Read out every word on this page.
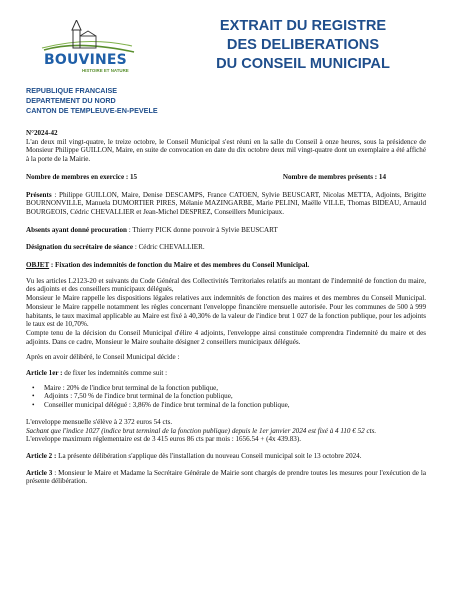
BOUVINES
HISTOIRE ET NATURE
EXTRAIT DU REGISTRE
DES DELIBERATIONS
DU CONSEIL MUNICIPAL
REPUBLIQUE FRANCAISE
DEPARTEMENT DU NORD
CANTON DE TEMPLEUVE-EN-PEVELE

N°2024-42

L'an deux mil vingt-quatre, le treize octobre, le Conseil Municipal s'est réuni en la salle du Conseil à onze heures, sous la présidence de Monsieur Philippe GUILLON, Maire, en suite de convocation en date du dix octobre deux mil vingt-quatre dont un exemplaire a été affiché à la porte de la Mairie.

Nombre de membres en exercice : 15	Nombre de membres présents : 14

Présents : Philippe GUILLON, Maire, Denise DESCAMPS, France CATOEN, Sylvie BEUSCART, Nicolas METTA, Adjoints, Brigitte BOURNONVILLE, Manuela DUMORTIER PIRES, Mélanie MAZINGARBE, Marie PELINI, Maëlle VILLE, Thomas BIDEAU, Arnauld BOURGEOIS, Cédric CHEVALLIER et Jean-Michel DESPREZ, Conseillers Municipaux.

Absents ayant donné procuration : Thierry PICK donne pouvoir à Sylvie BEUSCART

Désignation du secrétaire de séance : Cédric CHEVALLIER.

OBJET : Fixation des indemnités de fonction du Maire et des membres du Conseil Municipal.

Vu les articles L2123-20 et suivants du Code Général des Collectivités Territoriales relatifs au montant de l'indemnité de fonction du maire, des adjoints et des conseillers municipaux délégués,

Monsieur le Maire rappelle les dispositions légales relatives aux indemnités de fonction des maires et des membres du Conseil Municipal. Monsieur le Maire rappelle notamment les règles concernant l'enveloppe financière mensuelle autorisée. Pour les communes de 500 à 999 habitants, le taux maximal applicable au Maire est fixé à 40,30% de la valeur de l'indice brut 1 027 de la fonction publique, pour les adjoints le taux est de 10,70%.

Compte tenu de la décision du Conseil Municipal d'élire 4 adjoints, l'enveloppe ainsi constituée comprendra l'indemnité du maire et des adjoints. Dans ce cadre, Monsieur le Maire souhaite désigner 2 conseillers municipaux délégués.

Après en avoir délibéré, le Conseil Municipal décide :

Article 1er : de fixer les indemnités comme suit :

• Maire : 20% de l'indice brut terminal de la fonction publique,
• Adjoints : 7,50 % de l'indice brut terminal de la fonction publique,
• Conseiller municipal délégué : 3,86% de l'indice brut terminal de la fonction publique,

L'enveloppe mensuelle s'élève à 2 372 euros 54 cts.

Sachant que l'indice 1027 (indice brut terminal de la fonction publique) depuis le 1er janvier 2024 est fixé à 4 110 € 52 cts.

L'enveloppe maximum réglementaire est de 3 415 euros 86 cts par mois : 1656.54 + (4x 439.83).

Article 2 : La présente délibération s'applique dès l'installation du nouveau Conseil municipal soit le 13 octobre 2024.

Article 3 : Monsieur le Maire et Madame la Secrétaire Générale de Mairie sont chargés de prendre toutes les mesures pour l'exécution de la présente délibération.
